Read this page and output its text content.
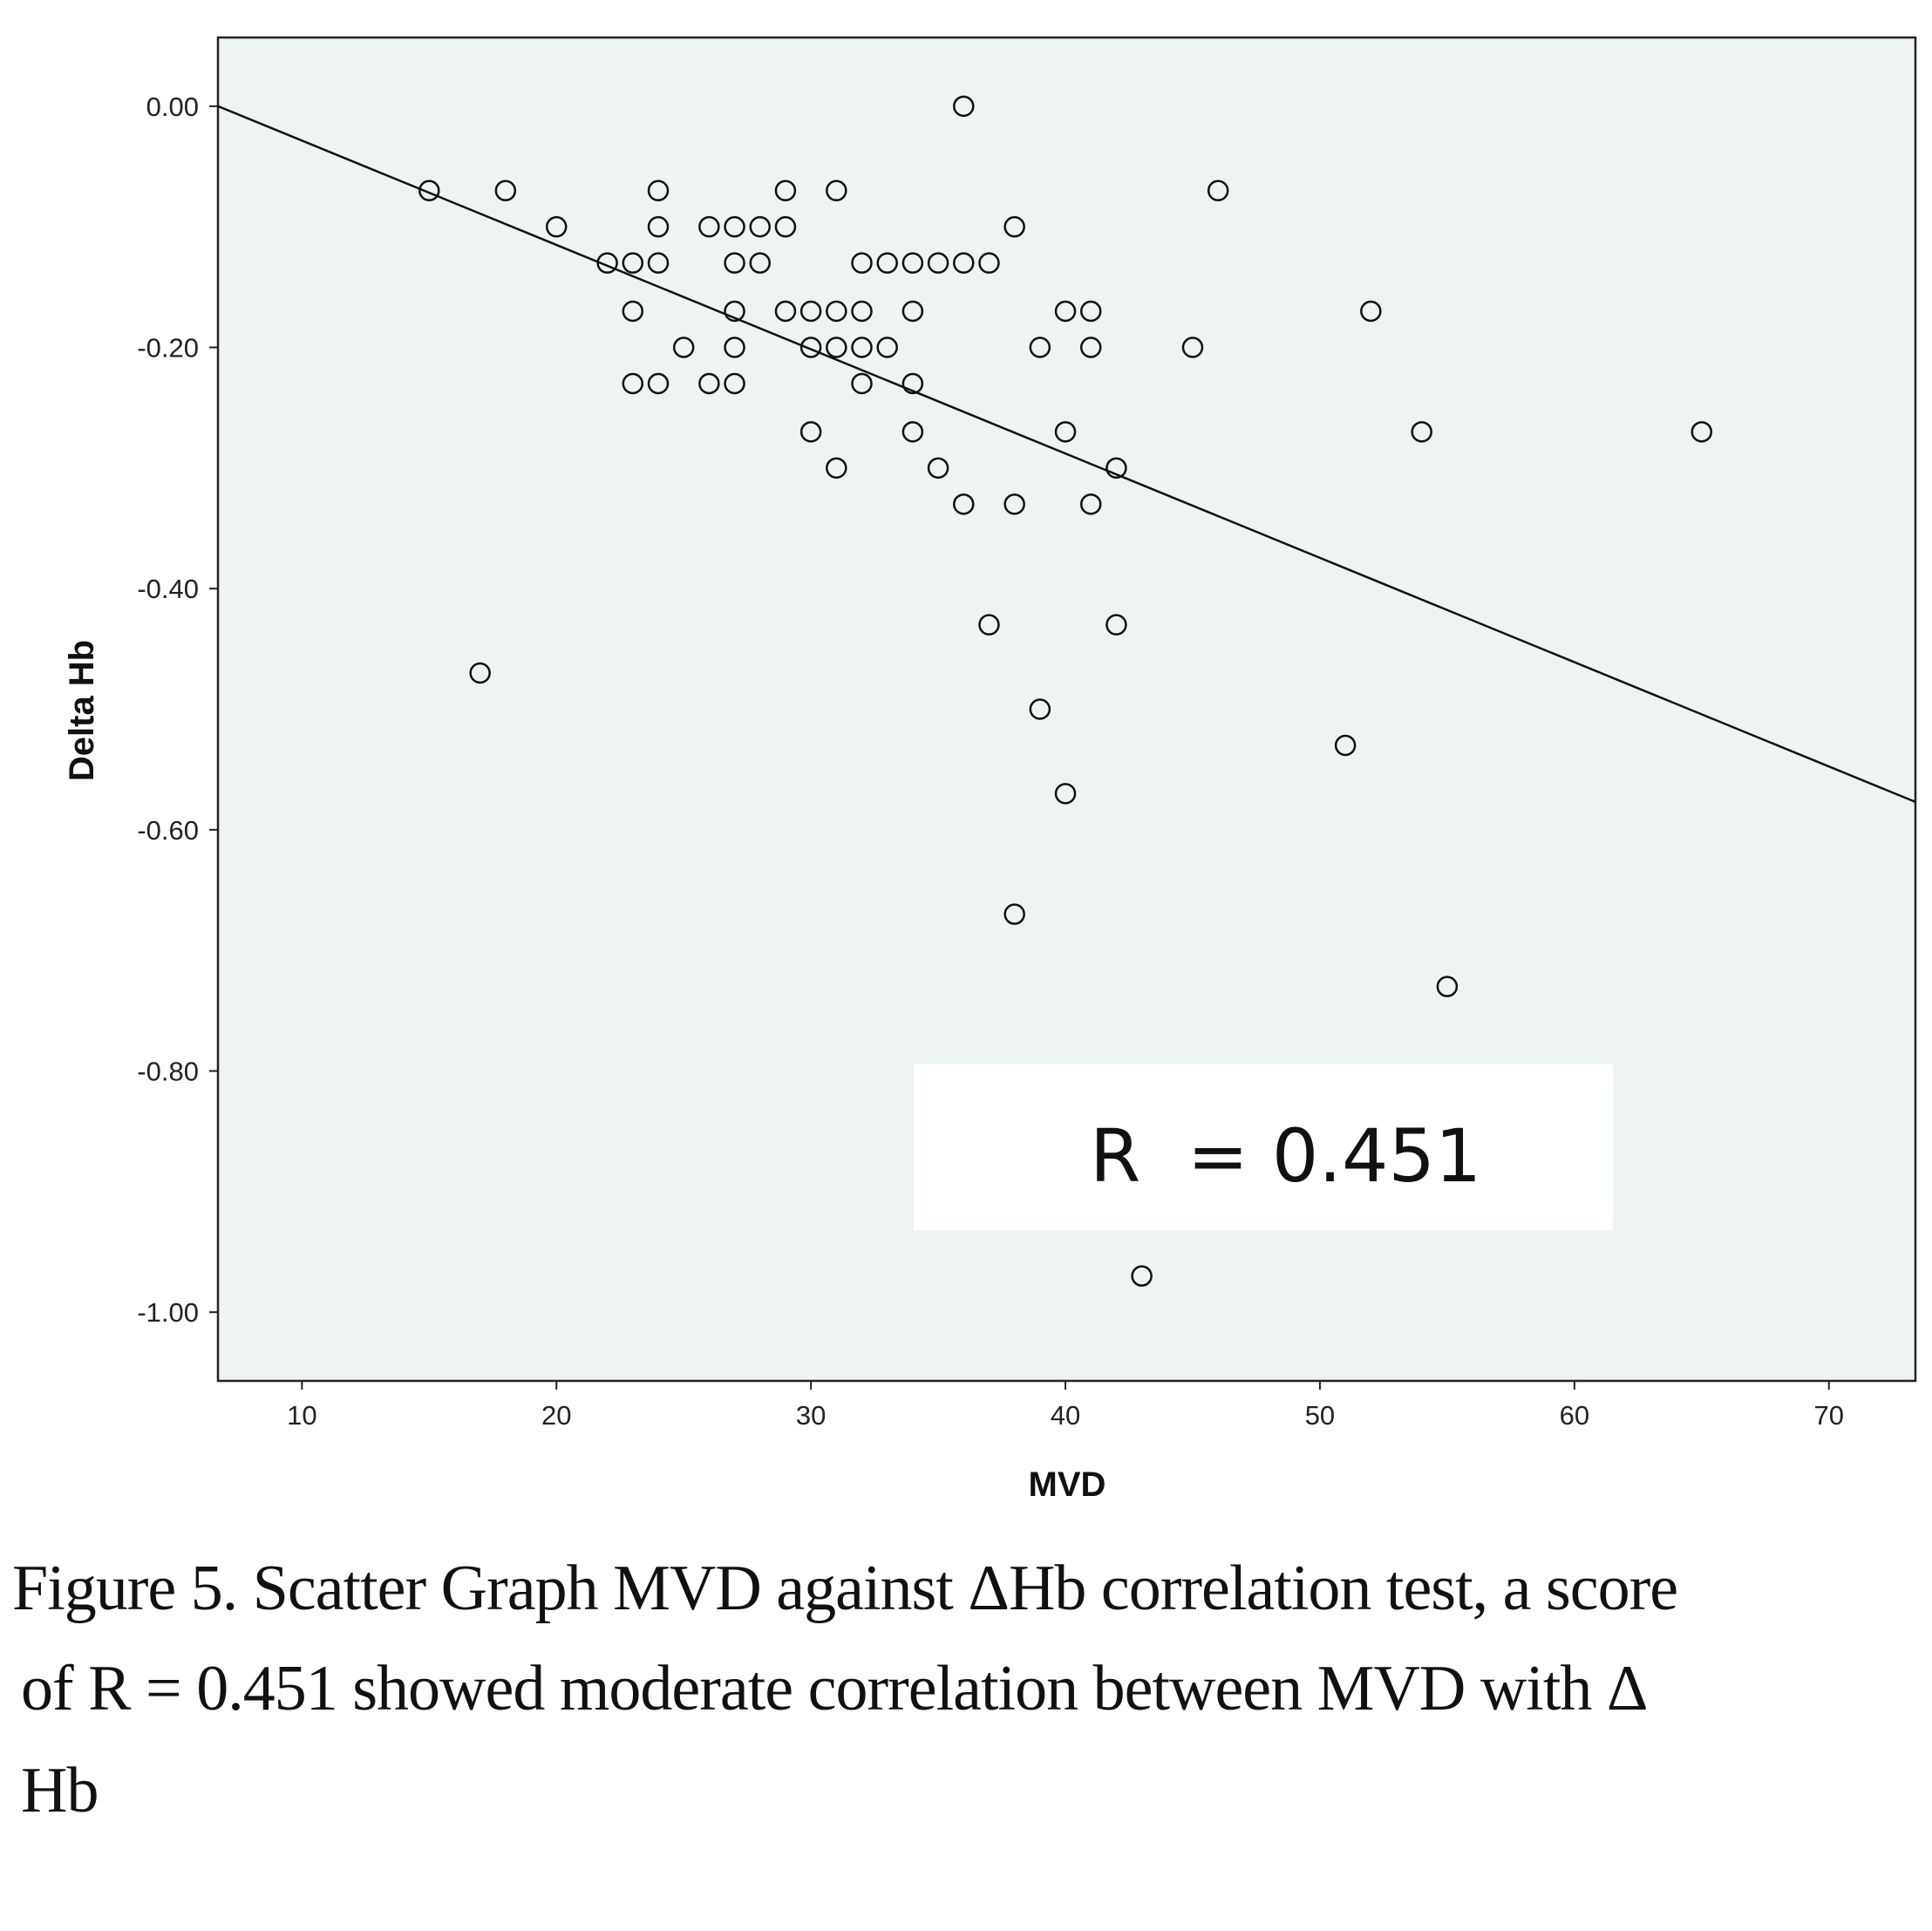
10	20	30	40	50	60	70
0.00
-0.20
-0.40
-0.60
-0.80
-1.00
R  = 0.451
MVD
Delta Hb
Figure 5. Scatter Graph MVD against ΔHb correlation test, a score
of R = 0.451 showed moderate correlation between MVD with Δ
Hb
